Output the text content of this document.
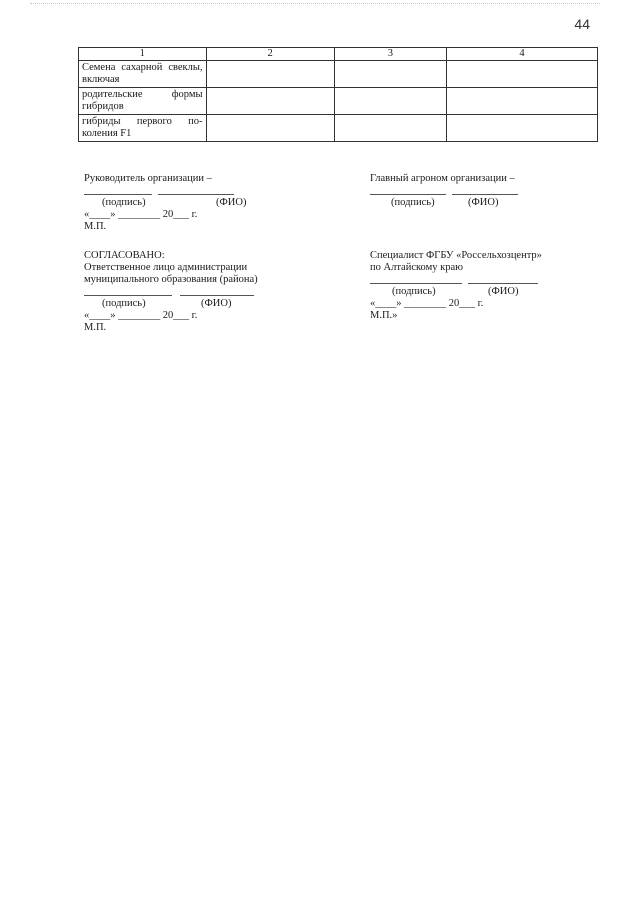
44
1	2	3	4

Семена сахарной свеклы, включая			

родительские формы гибридов			

гибриды первого по-коления F1			

Руководитель организации –
(подпись)	(ФИО)
«____» ________ 20___ г.
М.П.
Главный агроном организации –
(подпись)	(ФИО)
СОГЛАСОВАНО:
Ответственное лицо администрации
муниципального образования (района)
(подпись)	(ФИО)
«____» ________ 20___ г.
М.П.
Специалист ФГБУ «Россельхозцентр»
по Алтайскому краю
(подпись)	(ФИО)
«____» ________ 20___ г.
М.П.»
